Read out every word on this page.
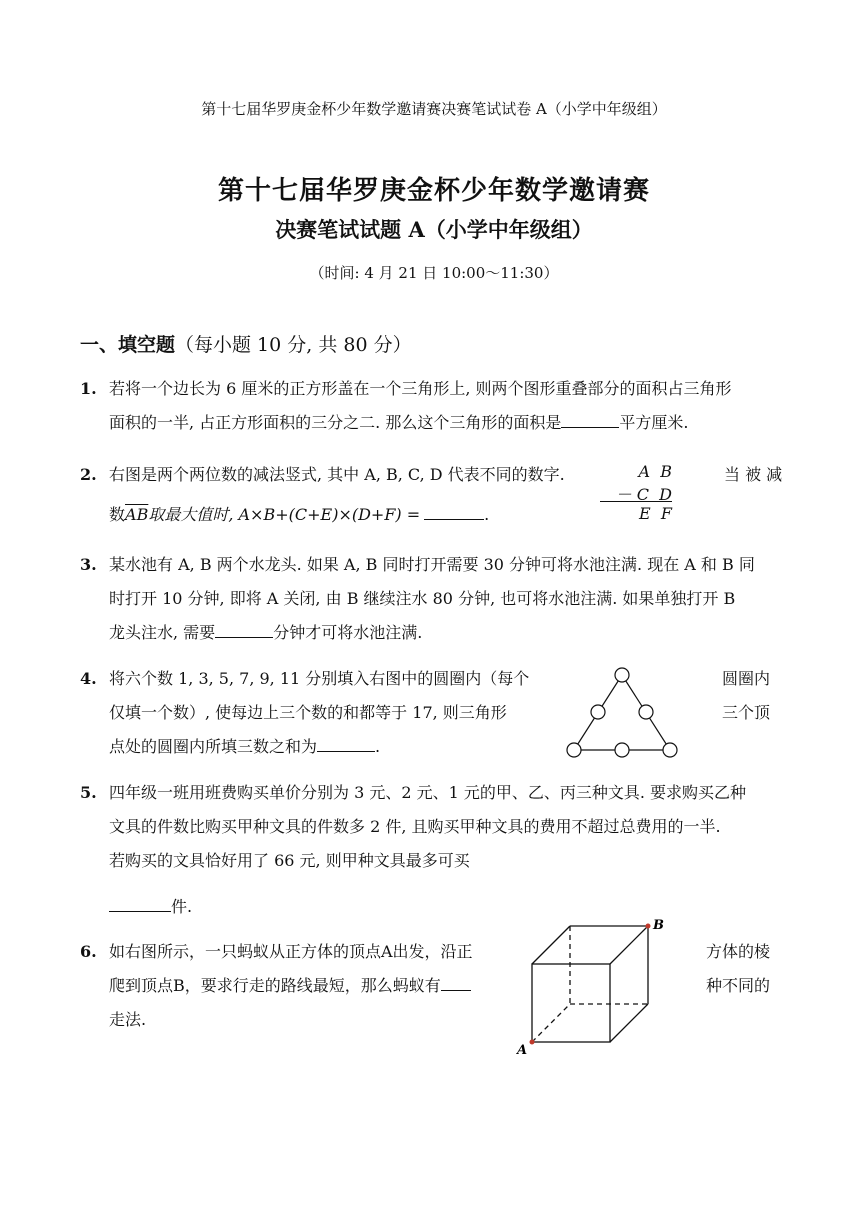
第十七届华罗庚金杯少年数学邀请赛决赛笔试试卷 A（小学中年级组）
第十七届华罗庚金杯少年数学邀请赛
决赛笔试试题 A（小学中年级组）
（时间: 4 月 21 日 10:00～11:30）
一、填空题（每小题 10 分, 共 80 分）
1. 若将一个边长为 6 厘米的正方形盖在一个三角形上, 则两个图形重叠部分的面积占三角形

面积的一半, 占正方形面积的三分之二. 那么这个三角形的面积是	平方厘米.
2. 右图是两个两位数的减法竖式, 其中 A, B, C, D 代表不同的数字.	当 被 减
数$\overline{AB}$取最大值时, A×B+(C+E)×(D+F) =	.
A  B
－ C  D
E  F
3. 某水池有 A, B 两个水龙头. 如果 A, B 同时打开需要 30 分钟可将水池注满. 现在 A 和 B 同
时打开 10 分钟, 即将 A 关闭, 由 B 继续注水 80 分钟, 也可将水池注满. 如果单独打开 B
龙头注水, 需要	分钟才可将水池注满.
4. 将六个数 1, 3, 5, 7, 9, 11 分别填入右图中的圆圈内（每个	圆圈内
仅填一个数）, 使每边上三个数的和都等于 17, 则三角形	三个顶
点处的圆圈内所填三数之和为	.
5. 四年级一班用班费购买单价分别为 3 元、2 元、1 元的甲、乙、丙三种文具. 要求购买乙种
文具的件数比购买甲种文具的件数多 2 件, 且购买甲种文具的费用不超过总费用的一半.
若购买的文具恰好用了 66 元, 则甲种文具最多可买
件.
6. 如右图所示，一只蚂蚁从正方体的顶点A出发，沿正	方体的棱
爬到顶点B，要求行走的路线最短，那么蚂蚁有	种不同的
走法.
B
A
